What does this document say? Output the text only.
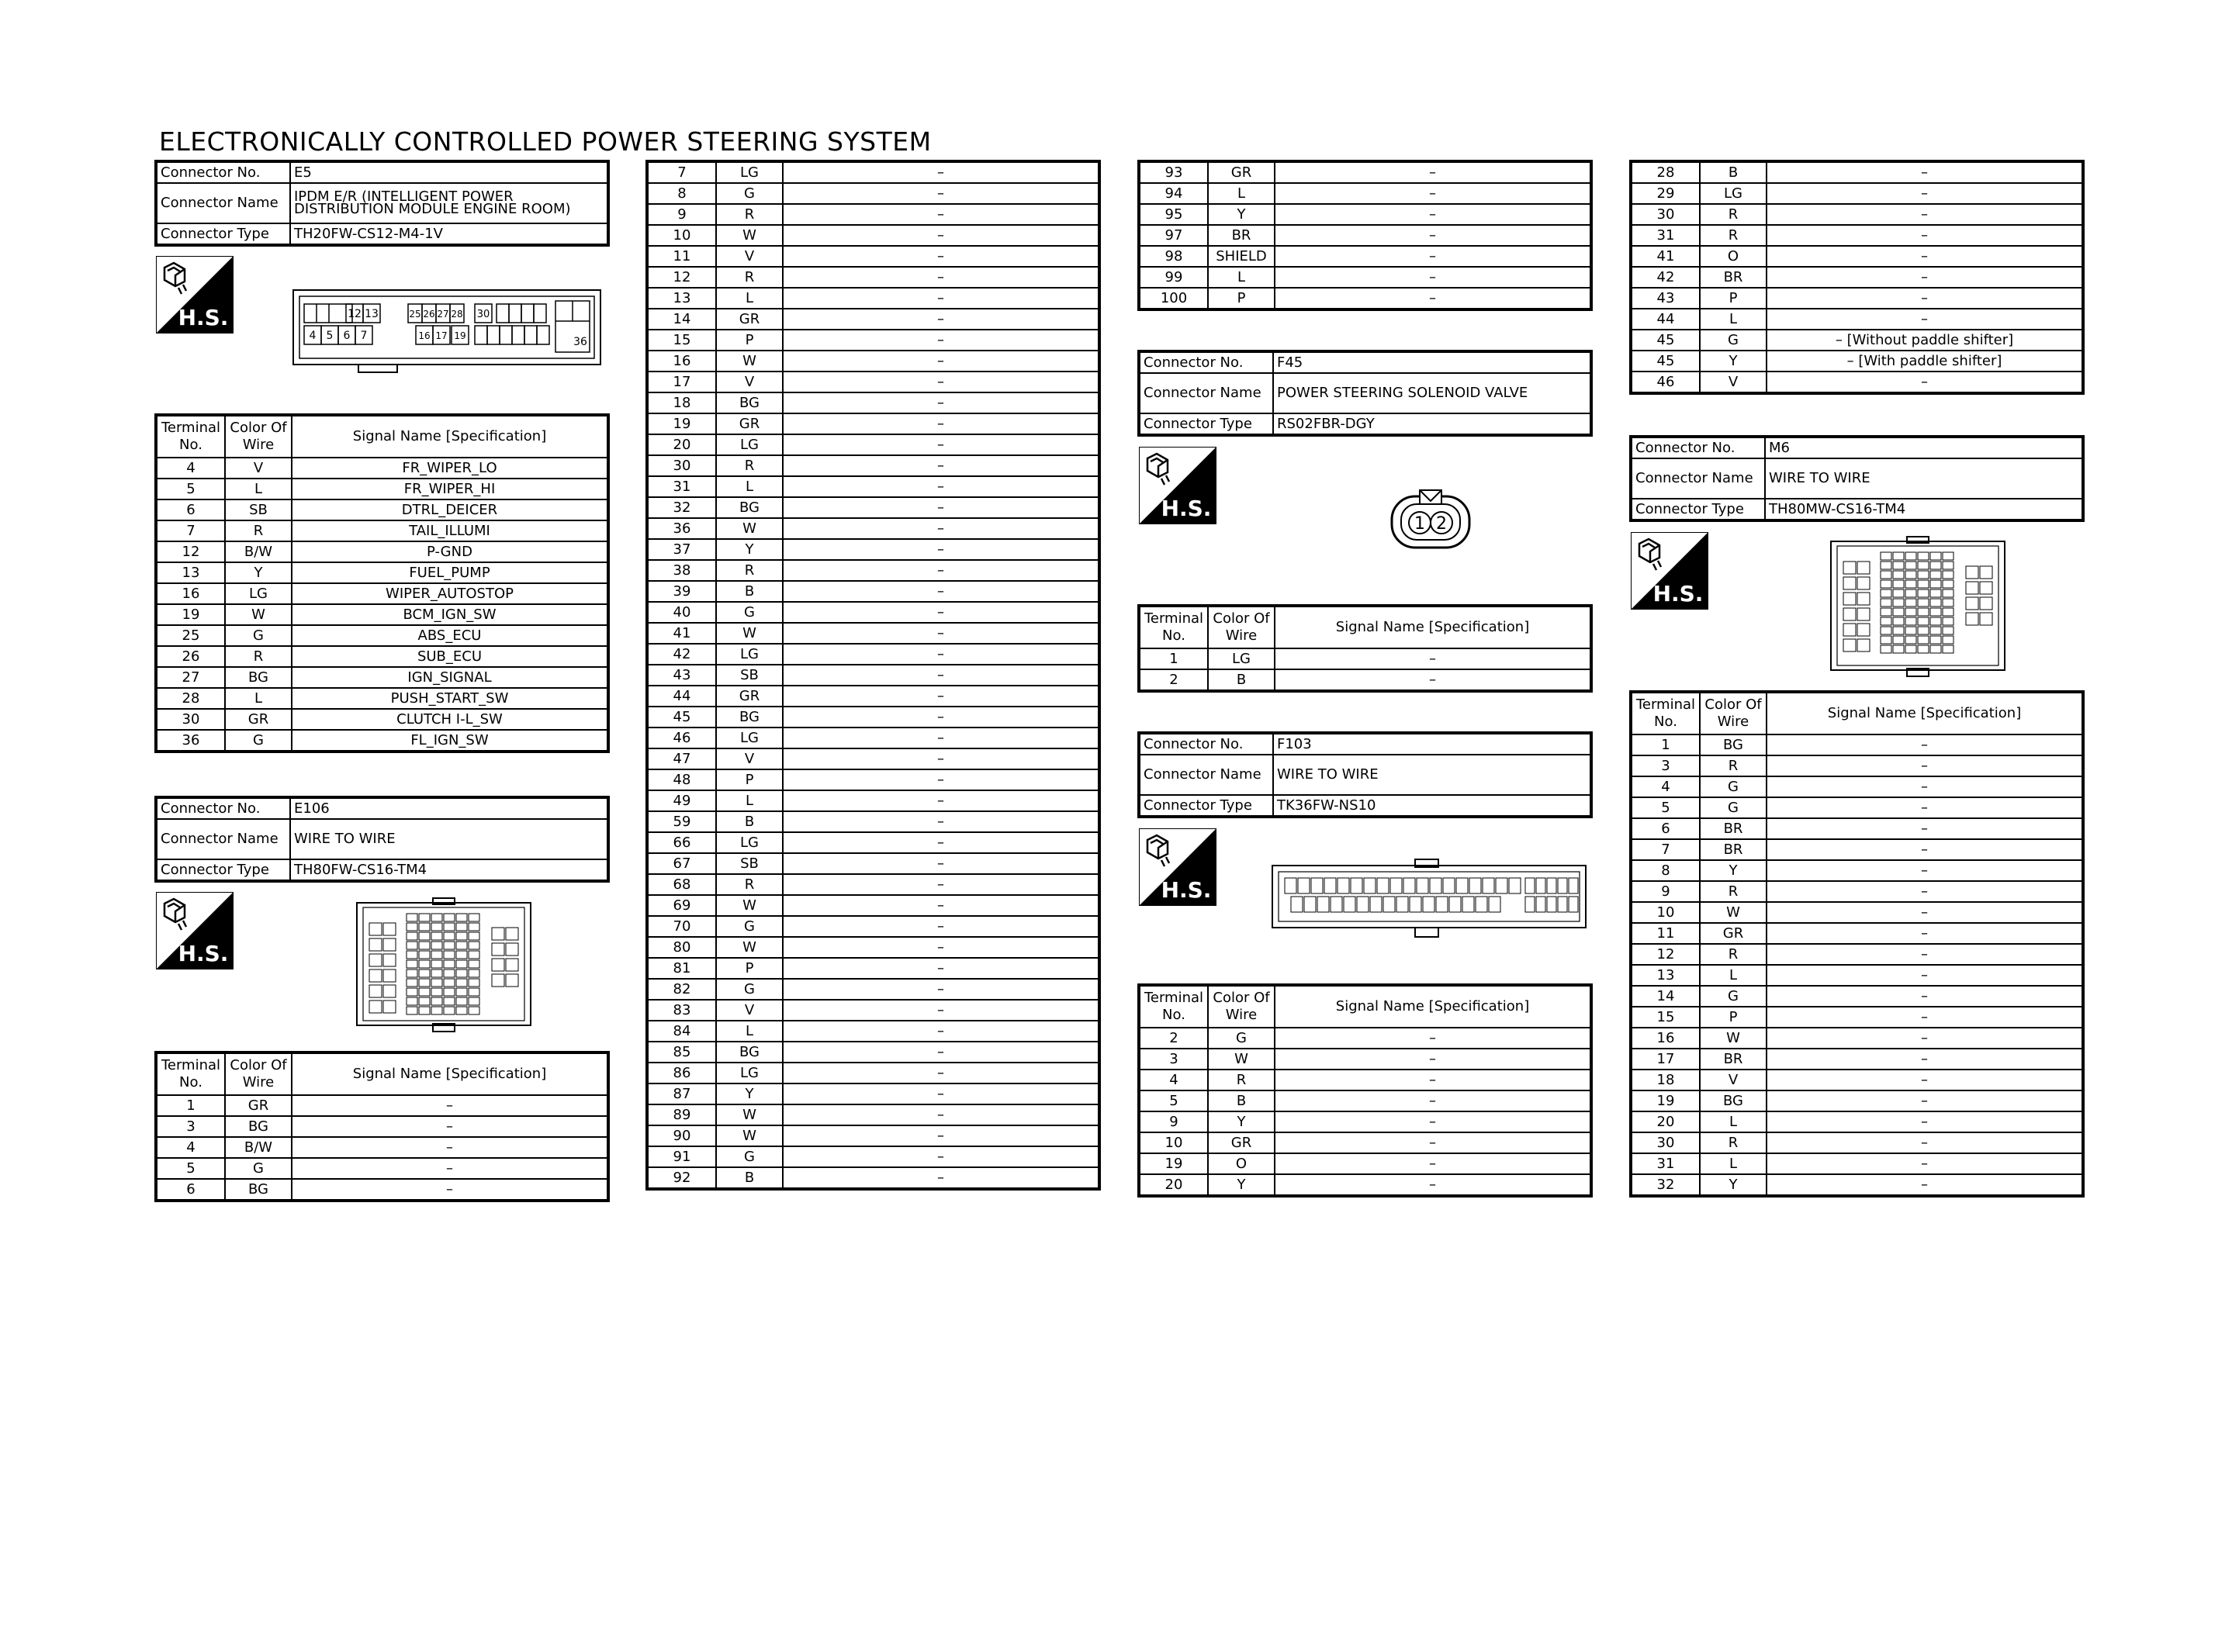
ELECTRONICALLY CONTROLLED POWER STEERING SYSTEM
Connector No.	E5
Connector Name	IPDM E/R (INTELLIGENT POWER DISTRIBUTION MODULE ENGINE ROOM)
Connector Type	TH20FW-CS12-M4-1V
H.S.	12 13	25 26 27 28 30
4 5 6 7	16 17 19	36
Terminal No.	Color Of Wire	Signal Name [Specification]
4	V	FR_WIPER_LO
5	L	FR_WIPER_HI
6	SB	DTRL_DEICER
7	R	TAIL_ILLUMI
12	B/W	P-GND
13	Y	FUEL_PUMP
16	LG	WIPER_AUTOSTOP
19	W	BCM_IGN_SW
25	G	ABS_ECU
26	R	SUB_ECU
27	BG	IGN_SIGNAL
28	L	PUSH_START_SW
30	GR	CLUTCH I-L_SW
36	G	FL_IGN_SW
Connector No.	E106
Connector Name	WIRE TO WIRE
Connector Type	TH80FW-CS16-TM4
H.S.
Terminal No.	Color Of Wire	Signal Name [Specification]
1	GR	–
3	BG	–
4	B/W	–
5	G	–
6	BG	–
7	LG	–
8	G	–
9	R	–
10	W	–
11	V	–
12	R	–
13	L	–
14	GR	–
15	P	–
16	W	–
17	V	–
18	BG	–
19	GR	–
20	LG	–
30	R	–
31	L	–
32	BG	–
36	W	–
37	Y	–
38	R	–
39	B	–
40	G	–
41	W	–
42	LG	–
43	SB	–
44	GR	–
45	BG	–
46	LG	–
47	V	–
48	P	–
49	L	–
59	B	–
66	LG	–
67	SB	–
68	R	–
69	W	–
70	G	–
80	W	–
81	P	–
82	G	–
83	V	–
84	L	–
85	BG	–
86	LG	–
87	Y	–
89	W	–
90	W	–
91	G	–
92	B	–
93	GR	–
94	L	–
95	Y	–
97	BR	–
98	SHIELD	–
99	L	–
100	P	–
Connector No.	F45
Connector Name	POWER STEERING SOLENOID VALVE
Connector Type	RS02FBR-DGY
H.S.
1 2
Terminal No.	Color Of Wire	Signal Name [Specification]
1	LG	–
2	B	–
Connector No.	F103
Connector Name	WIRE TO WIRE
Connector Type	TK36FW-NS10
H.S.
Terminal No.	Color Of Wire	Signal Name [Specification]
2	G	–
3	W	–
4	R	–
5	B	–
9	Y	–
10	GR	–
19	O	–
20	Y	–
28	B	–
29	LG	–
30	R	–
31	R	–
41	O	–
42	BR	–
43	P	–
44	L	–
45	G	– [Without paddle shifter]
45	Y	– [With paddle shifter]
46	V	–
Connector No.	M6
Connector Name	WIRE TO WIRE
Connector Type	TH80MW-CS16-TM4
H.S.
Terminal No.	Color Of Wire	Signal Name [Specification]
1	BG	–
3	R	–
4	G	–
5	G	–
6	BR	–
7	BR	–
8	Y	–
9	R	–
10	W	–
11	GR	–
12	R	–
13	L	–
14	G	–
15	P	–
16	W	–
17	BR	–
18	V	–
19	BG	–
20	L	–
30	R	–
31	L	–
32	Y	–
